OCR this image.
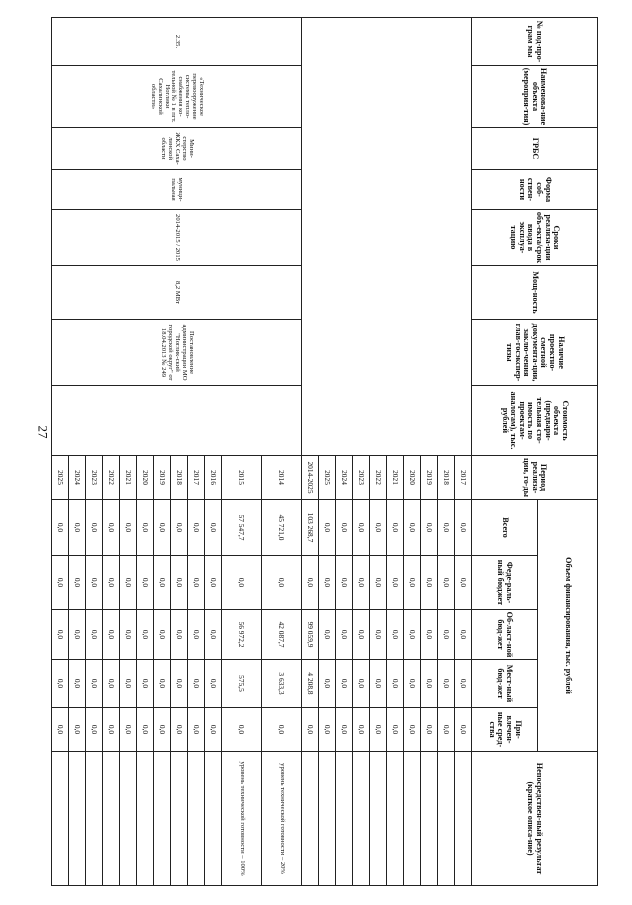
27
№ под-про-грам мы	Наименова-ние объекта (мероприя-тия)	ГРБС	Форма соб-ствен-ности	Сроки реализа-ции объ-екта/срок ввода в эксплуа-тацию	Мощ-ность	Наличие проектно-сметной документа-ции, заклю-чения глав-госэкспер-тизы	Стоимость объекта (предвари-тельная сто-имость по проектам-аналогам), тыс. рублей	Период реализа-ции, го-ды	Объем финансирования, тыс. рублей					Непосредствен-ный результат (краткое описа-ние)
									Всего	Феде-раль-ный бюджет	Об-ласт-ной бюд-жет	Мест-ный бюд-жет	При-влечен-ные сред-ства	
								2017	0,0	0,0	0,0	0,0	0,0	
								2018	0,0	0,0	0,0	0,0	0,0	
								2019	0,0	0,0	0,0	0,0	0,0	
								2020	0,0	0,0	0,0	0,0	0,0	
								2021	0,0	0,0	0,0	0,0	0,0	
								2022	0,0	0,0	0,0	0,0	0,0	
								2023	0,0	0,0	0,0	0,0	0,0	
								2024	0,0	0,0	0,0	0,0	0,0	
								2025	0,0	0,0	0,0	0,0	0,0	
								2014-2025	103 268,7	0,0	99 059,9	4 208,8	0,0	
2.35.	«Техническое перевооружение системы тепло-снабжения ко-тельной № 1 в пгт. Ноглики Сахалинской области»	Мини-стерство ЖКХ Саха-линской области	муници-пальная	2014-2015 / 2015	8,2 МВт	Постановление администрации МО "Ноглик-ский городской округ" от 18.04.2013 № 249		2014	45 721,0	0,0	42 087,7	3 633,3	0,0	уровень технической готовности – 20%
								2015	57 547,7	0,0	56 972,2	575,5	0,0	уровень технической готовности – 100%
								2016	0,0	0,0	0,0	0,0	0,0	
								2017	0,0	0,0	0,0	0,0	0,0	
								2018	0,0	0,0	0,0	0,0	0,0	
								2019	0,0	0,0	0,0	0,0	0,0	
								2020	0,0	0,0	0,0	0,0	0,0	
								2021	0,0	0,0	0,0	0,0	0,0	
								2022	0,0	0,0	0,0	0,0	0,0	
								2023	0,0	0,0	0,0	0,0	0,0	
								2024	0,0	0,0	0,0	0,0	0,0	
								2025	0,0	0,0	0,0	0,0	0,0	
